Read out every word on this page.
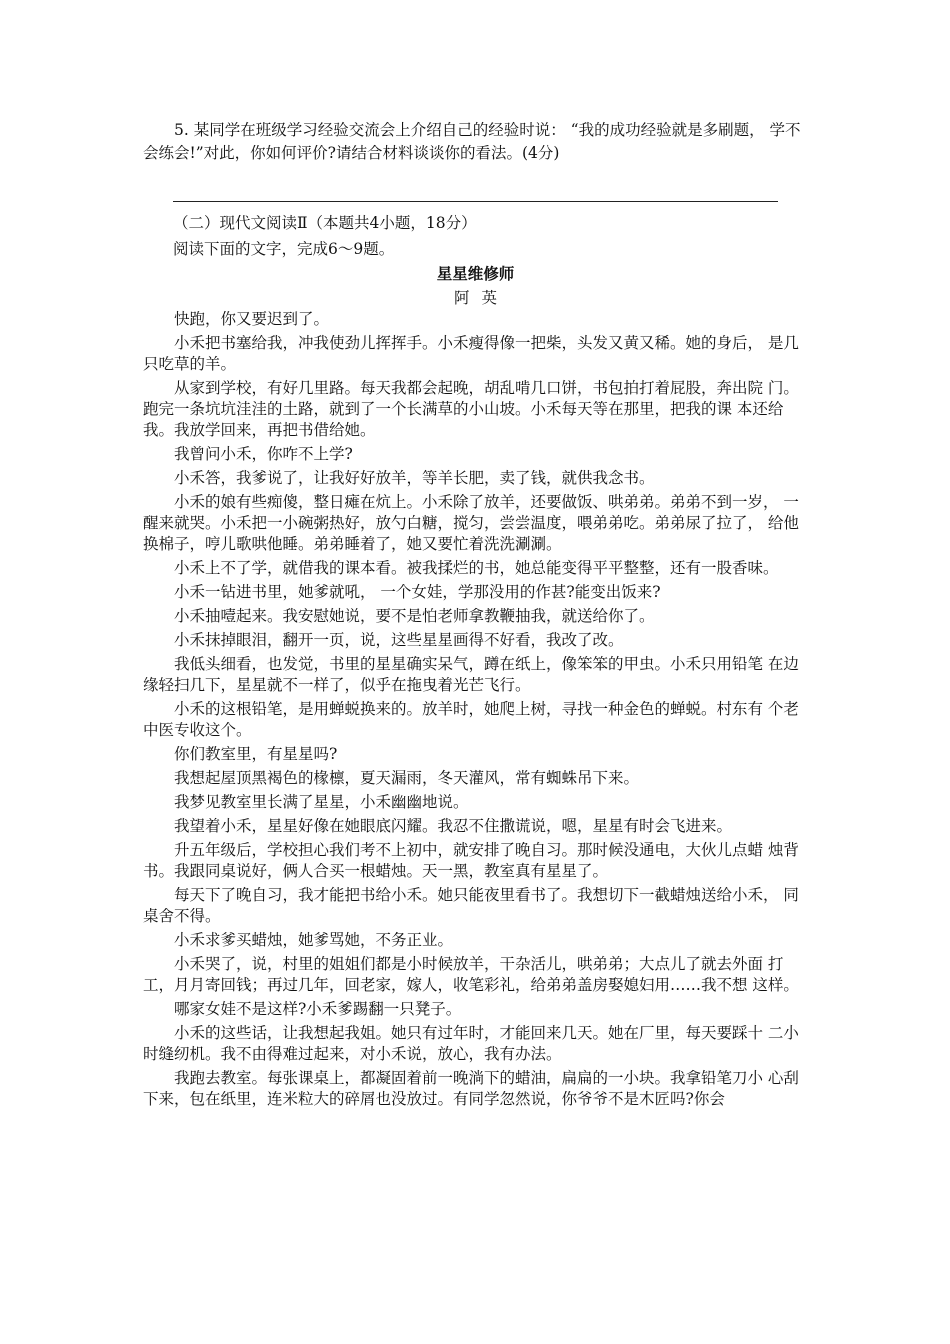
5. 某同学在班级学习经验交流会上介绍自己的经验时说： “我的成功经验就是多刷题， 学不会练会!”对此，你如何评价?请结合材料谈谈你的看法。(4分)
（二）现代文阅读Ⅱ（本题共4小题，18分）
阅读下面的文字，完成6～9题。
星星维修师
阿英

快跑，你又要迟到了。

小禾把书塞给我，冲我使劲儿挥挥手。小禾瘦得像一把柴，头发又黄又稀。她的身后， 是几只吃草的羊。

从家到学校，有好几里路。每天我都会起晚，胡乱啃几口饼，书包拍打着屁股，奔出院 门。跑完一条坑坑洼洼的土路，就到了一个长满草的小山坡。小禾每天等在那里，把我的课 本还给我。我放学回来，再把书借给她。

我曾问小禾，你咋不上学?

小禾答，我爹说了，让我好好放羊，等羊长肥，卖了钱，就供我念书。

小禾的娘有些痴傻，整日瘫在炕上。小禾除了放羊，还要做饭、哄弟弟。弟弟不到一岁， 一醒来就哭。小禾把一小碗粥热好，放勺白糖，搅匀，尝尝温度，喂弟弟吃。弟弟尿了拉了， 给他换棉子，哼儿歌哄他睡。弟弟睡着了，她又要忙着洗洗涮涮。

小禾上不了学，就借我的课本看。被我揉烂的书，她总能变得平平整整，还有一股香味。

小禾一钻进书里，她爹就吼， 一个女娃，学那没用的作甚?能变出饭来?

小禾抽噎起来。我安慰她说，要不是怕老师拿教鞭抽我，就送给你了。

小禾抹掉眼泪，翻开一页，说，这些星星画得不好看，我改了改。

我低头细看，也发觉，书里的星星确实呆气，蹲在纸上，像笨笨的甲虫。小禾只用铅笔 在边缘轻扫几下，星星就不一样了，似乎在拖曳着光芒飞行。

小禾的这根铅笔，是用蝉蜕换来的。放羊时，她爬上树，寻找一种金色的蝉蜕。村东有 个老中医专收这个。

你们教室里，有星星吗?

我想起屋顶黑褐色的椽檩，夏天漏雨，冬天灌风，常有蜘蛛吊下来。

我梦见教室里长满了星星，小禾幽幽地说。

我望着小禾，星星好像在她眼底闪耀。我忍不住撒谎说，嗯，星星有时会飞进来。

升五年级后，学校担心我们考不上初中，就安排了晚自习。那时候没通电，大伙儿点蜡 烛背书。我跟同桌说好，俩人合买一根蜡烛。天一黑，教室真有星星了。

每天下了晚自习，我才能把书给小禾。她只能夜里看书了。我想切下一截蜡烛送给小禾， 同桌舍不得。

小禾求爹买蜡烛，她爹骂她，不务正业。

小禾哭了，说，村里的姐姐们都是小时候放羊，干杂活儿，哄弟弟；大点儿了就去外面 打工，月月寄回钱；再过几年，回老家，嫁人，收笔彩礼，给弟弟盖房娶媳妇用……我不想 这样。

哪家女娃不是这样?小禾爹踢翻一只凳子。

小禾的这些话，让我想起我姐。她只有过年时，才能回来几天。她在厂里，每天要踩十 二小时缝纫机。我不由得难过起来，对小禾说，放心，我有办法。

我跑去教室。每张课桌上，都凝固着前一晚淌下的蜡油，扁扁的一小块。我拿铅笔刀小 心刮下来，包在纸里，连米粒大的碎屑也没放过。有同学忽然说，你爷爷不是木匠吗?你会
